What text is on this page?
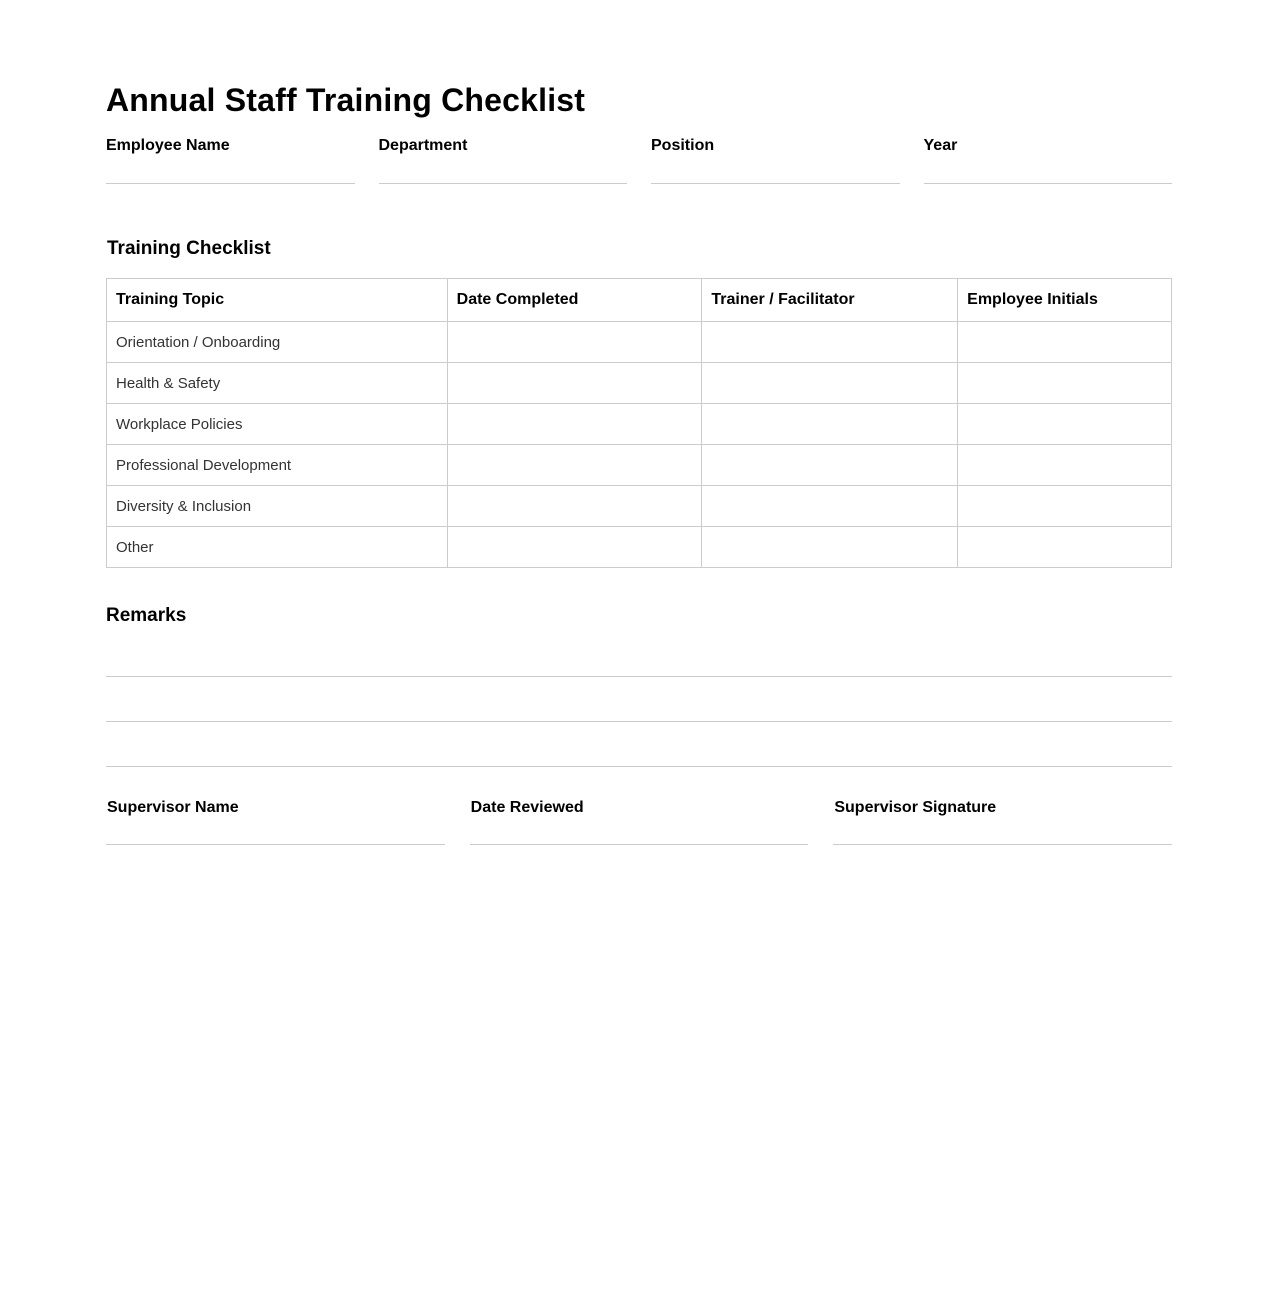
Annual Staff Training Checklist
Employee Name	Department	Position	Year
Training Checklist
Training Topic	Date Completed	Trainer / Facilitator	Employee Initials
Orientation / Onboarding			
Health & Safety			
Workplace Policies			
Professional Development			
Diversity & Inclusion			
Other			
Remarks
Supervisor Name	Date Reviewed	Supervisor Signature
